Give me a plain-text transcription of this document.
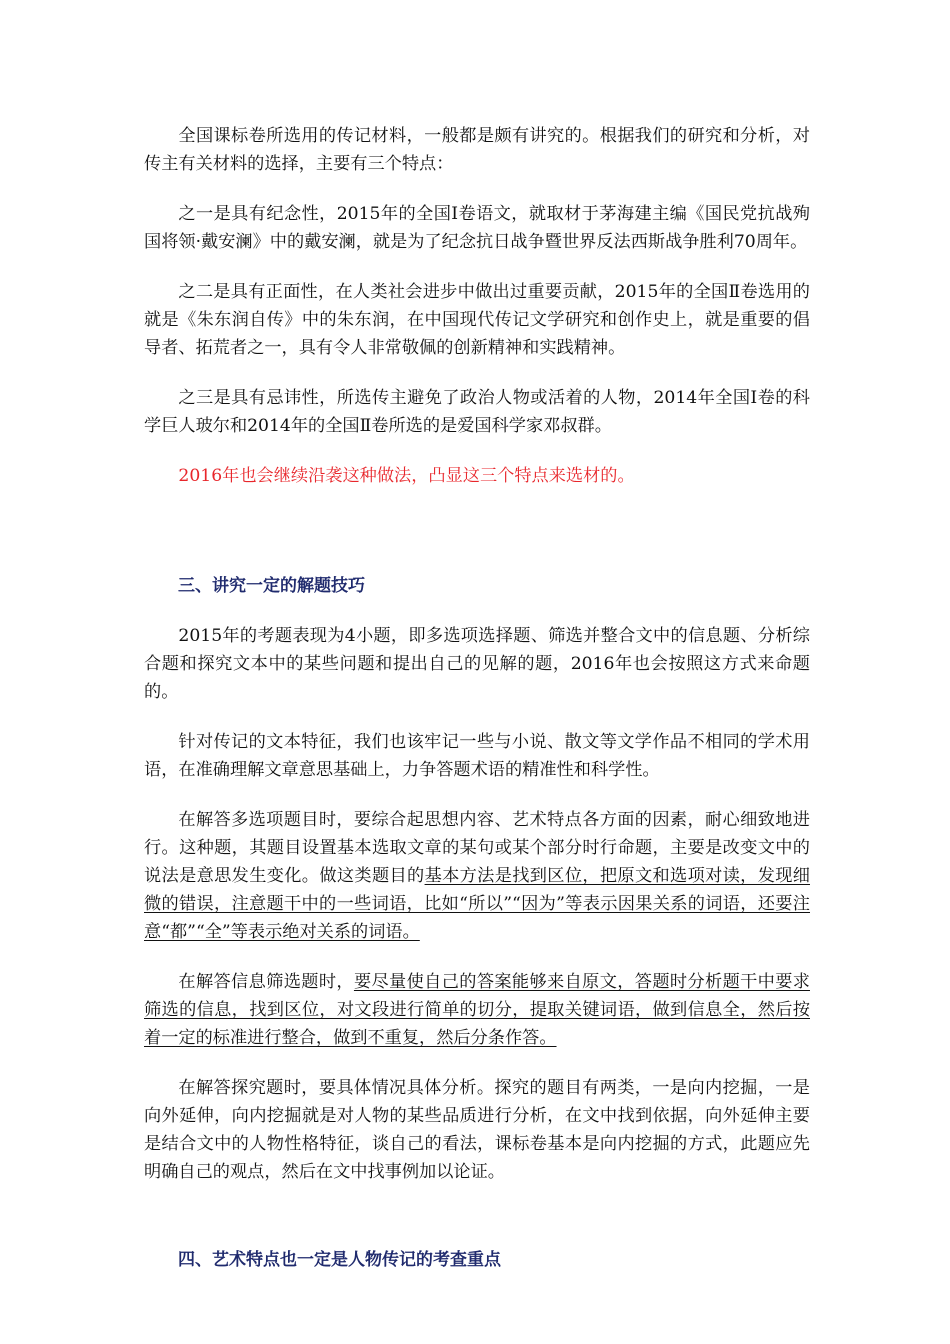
全国课标卷所选用的传记材料，一般都是颇有讲究的。根据我们的研究和分析，对传主有关材料的选择，主要有三个特点：

之一是具有纪念性，2015年的全国Ⅰ卷语文，就取材于茅海建主编《国民党抗战殉国将领·戴安澜》中的戴安澜，就是为了纪念抗日战争暨世界反法西斯战争胜利70周年。

之二是具有正面性，在人类社会进步中做出过重要贡献，2015年的全国Ⅱ卷选用的就是《朱东润自传》中的朱东润，在中国现代传记文学研究和创作史上，就是重要的倡导者、拓荒者之一，具有令人非常敬佩的创新精神和实践精神。

之三是具有忌讳性，所选传主避免了政治人物或活着的人物，2014年全国Ⅰ卷的科学巨人玻尔和2014年的全国Ⅱ卷所选的是爱国科学家邓叔群。

2016年也会继续沿袭这种做法，凸显这三个特点来选材的。

三、讲究一定的解题技巧

2015年的考题表现为4小题，即多选项选择题、筛选并整合文中的信息题、分析综合题和探究文本中的某些问题和提出自己的见解的题，2016年也会按照这方式来命题的。

针对传记的文本特征，我们也该牢记一些与小说、散文等文学作品不相同的学术用语，在准确理解文章意思基础上，力争答题术语的精准性和科学性。

在解答多选项题目时，要综合起思想内容、艺术特点各方面的因素，耐心细致地进行。这种题，其题目设置基本选取文章的某句或某个部分时行命题，主要是改变文中的说法是意思发生变化。做这类题目的基本方法是找到区位，把原文和选项对读，发现细微的错误，注意题干中的一些词语，比如“所以”“因为”等表示因果关系的词语，还要注意“都”“全”等表示绝对关系的词语。

在解答信息筛选题时，要尽量使自己的答案能够来自原文，答题时分析题干中要求筛选的信息，找到区位，对文段进行简单的切分，提取关键词语，做到信息全，然后按着一定的标准进行整合，做到不重复，然后分条作答。

在解答探究题时，要具体情况具体分析。探究的题目有两类，一是向内挖掘，一是向外延伸，向内挖掘就是对人物的某些品质进行分析，在文中找到依据，向外延伸主要是结合文中的人物性格特征，谈自己的看法，课标卷基本是向内挖掘的方式，此题应先明确自己的观点，然后在文中找事例加以论证。

四、艺术特点也一定是人物传记的考查重点
